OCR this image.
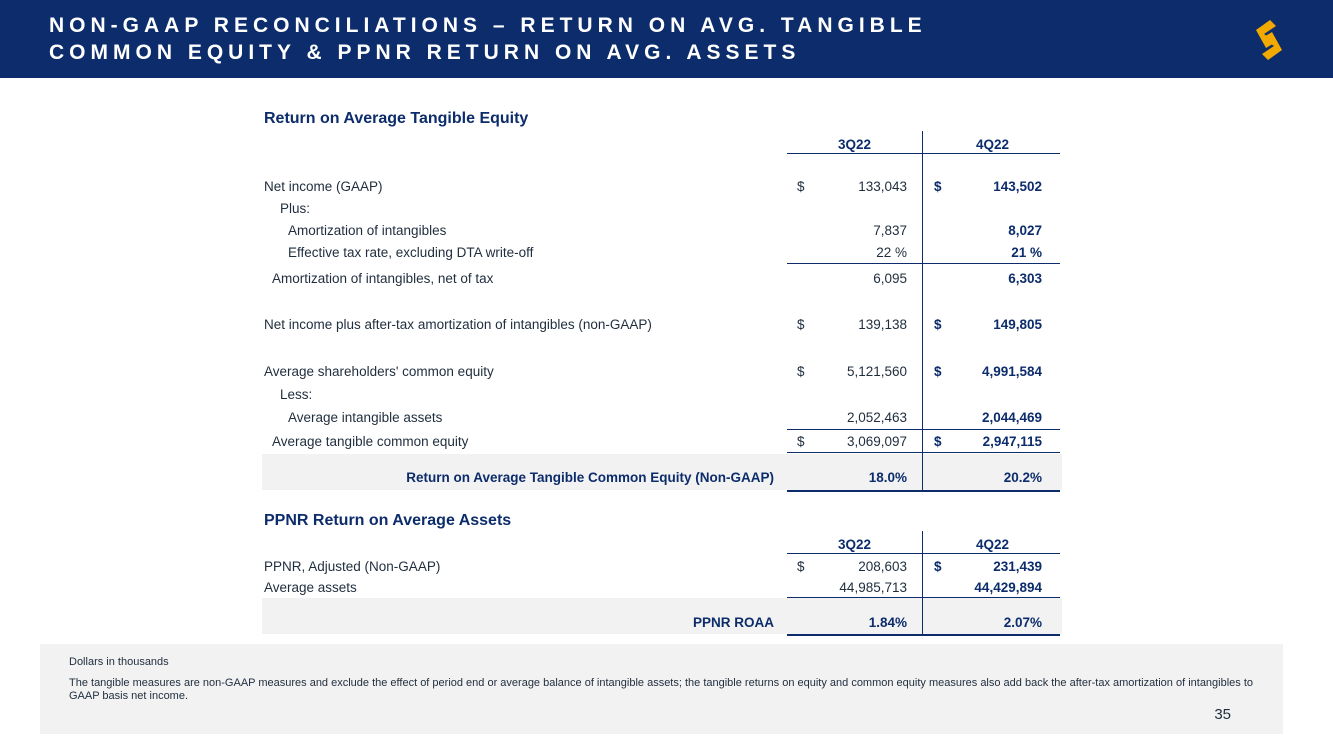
NON-GAAP RECONCILIATIONS – RETURN ON AVG. TANGIBLE
COMMON EQUITY & PPNR RETURN ON AVG. ASSETS
Return on Average Tangible Equity
3Q22	4Q22
Net income (GAAP)	$	133,043 $	143,502
Plus:
Amortization of intangibles	7,837	8,027
Effective tax rate, excluding DTA write-off	22 %	21 %
Amortization of intangibles, net of tax	6,095	6,303
Net income plus after-tax amortization of intangibles (non-GAAP)	$	139,138 $	149,805
Average shareholders' common equity	$	5,121,560 $	4,991,584
Less:
Average intangible assets	2,052,463	2,044,469
Average tangible common equity	$	3,069,097 $	2,947,115
Return on Average Tangible Common Equity (Non-GAAP)	18.0%	20.2%
PPNR Return on Average Assets
3Q22	4Q22
PPNR, Adjusted (Non-GAAP)	$	208,603 $	231,439
Average assets	44,985,713	44,429,894
PPNR ROAA	1.84%	2.07%
Dollars in thousands
The tangible measures are non-GAAP measures and exclude the effect of period end or average balance of intangible assets; the tangible returns on equity and common equity measures also add back the after-tax amortization of intangibles to GAAP basis net income.
35
